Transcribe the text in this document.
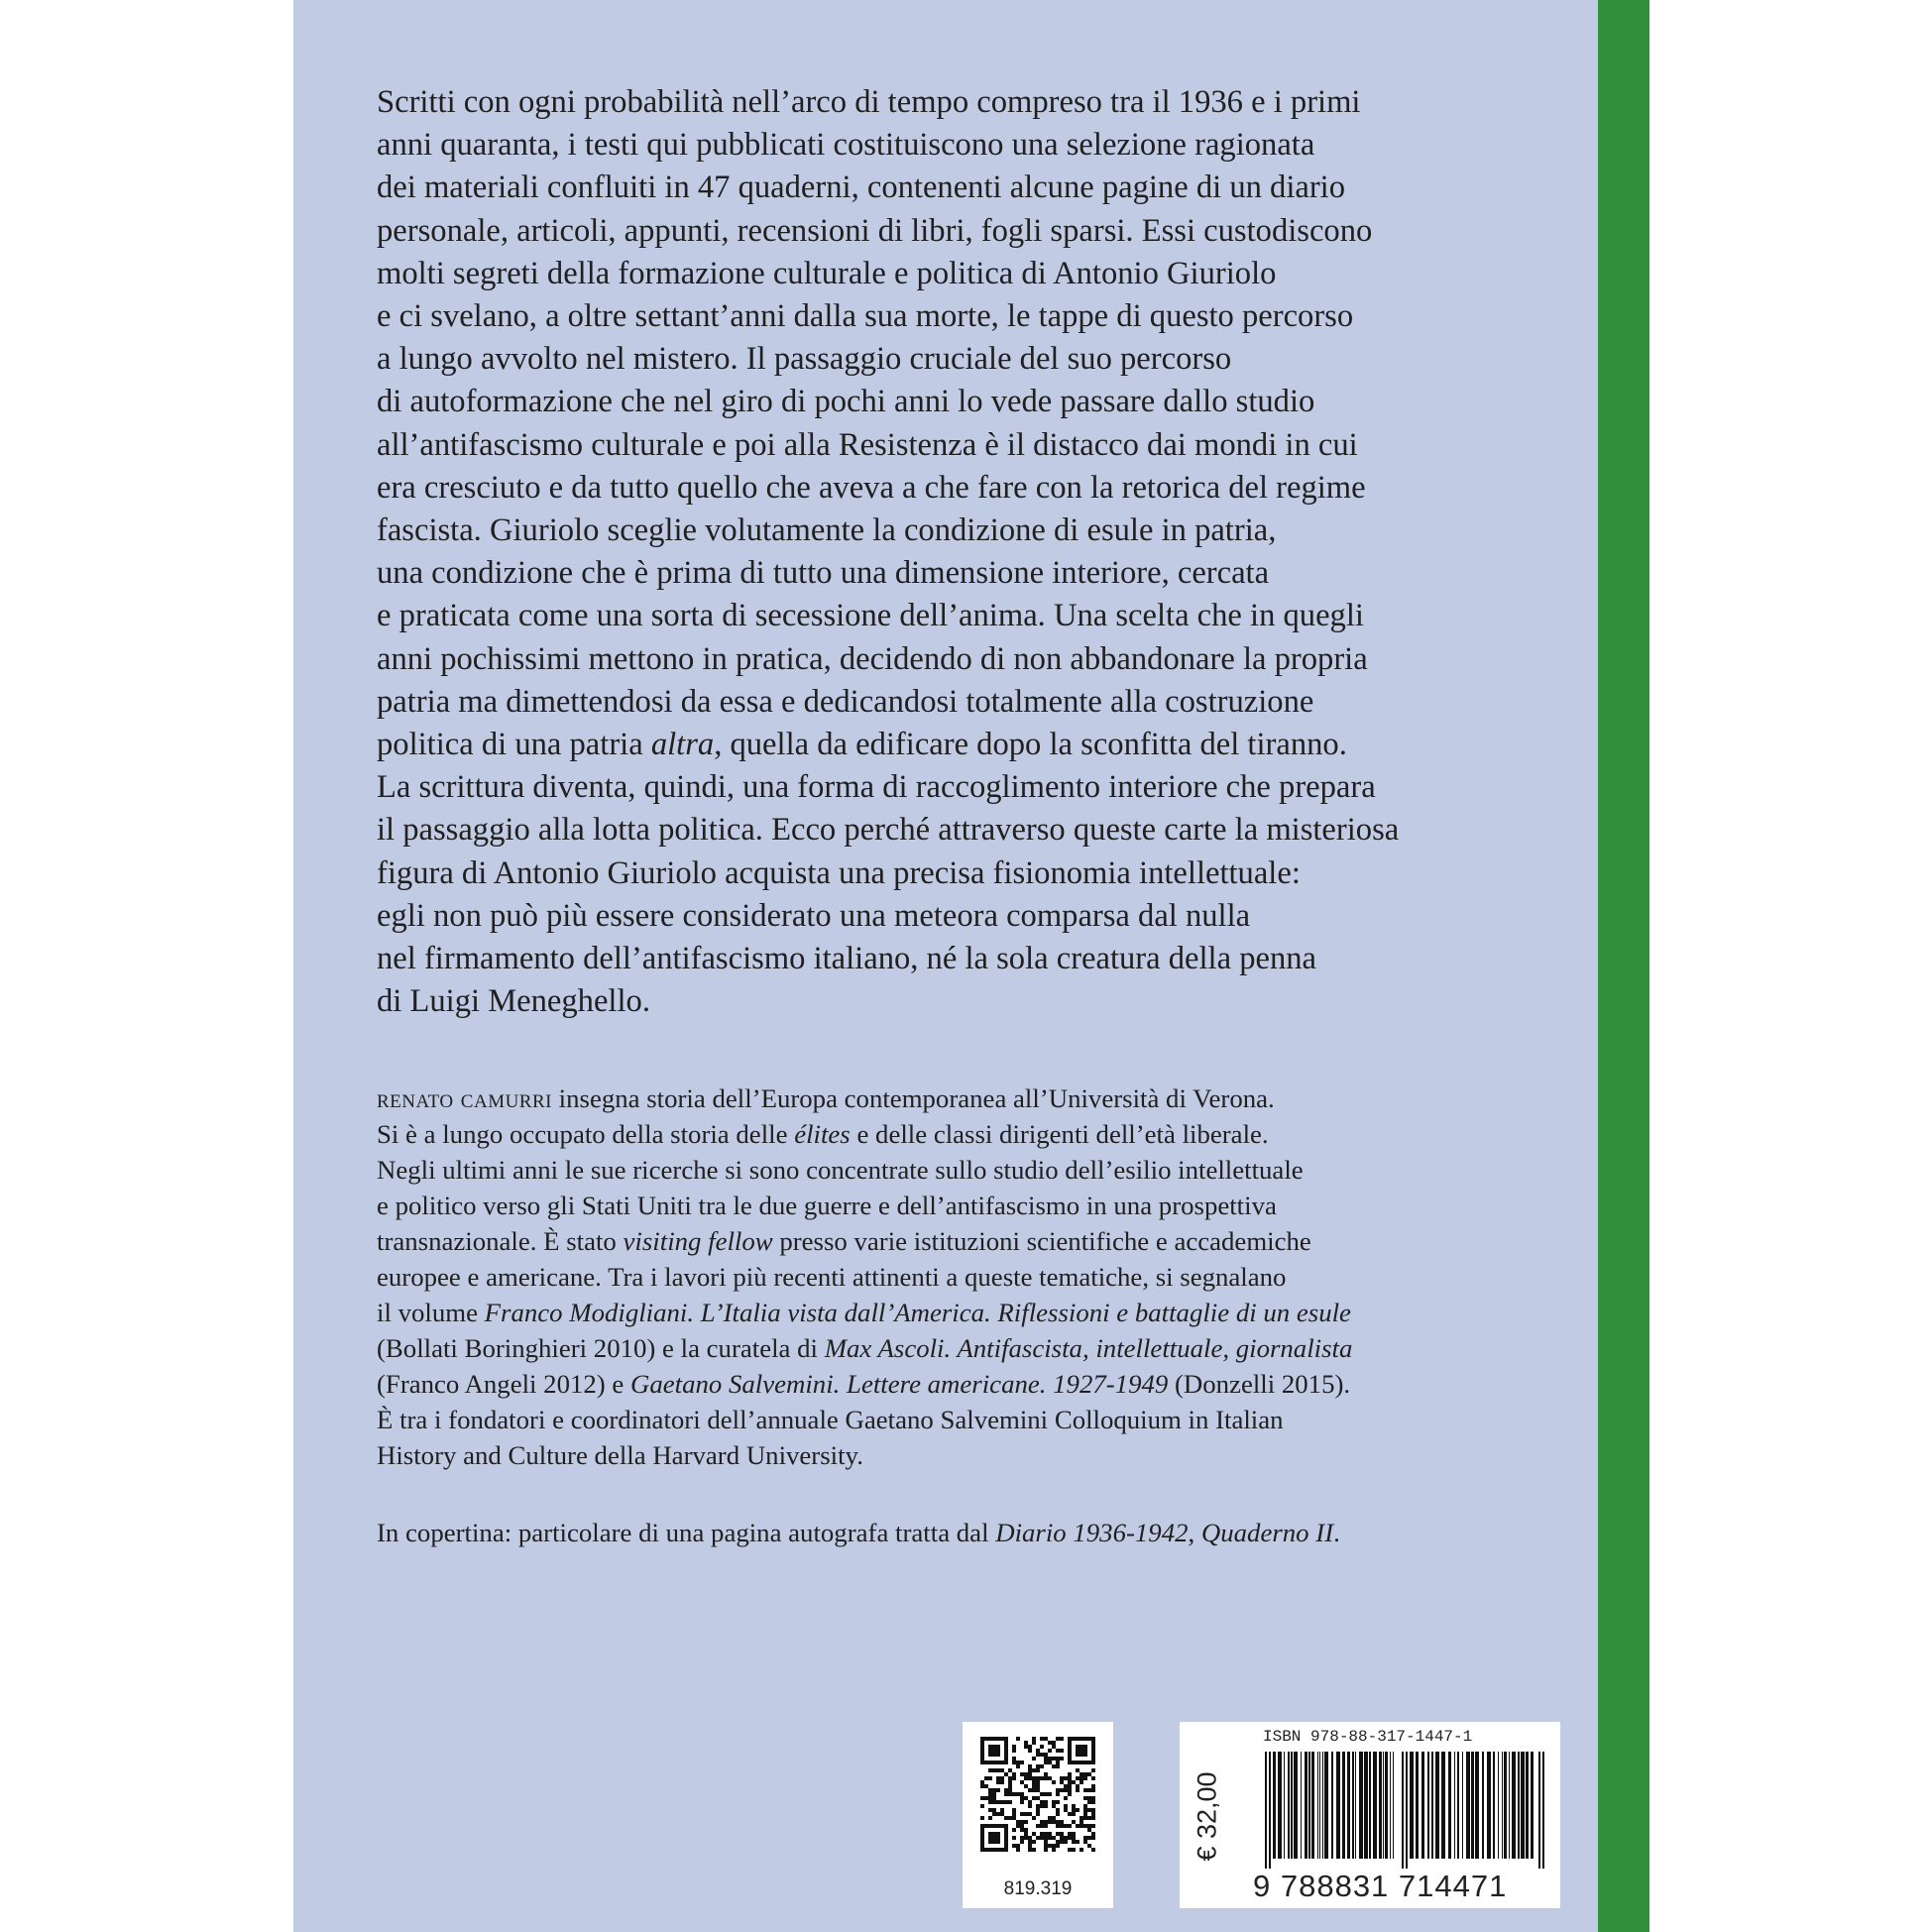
Scritti con ogni probabilità nell’arco di tempo compreso tra il 1936 e i primi
anni quaranta, i testi qui pubblicati costituiscono una selezione ragionata
dei materiali confluiti in 47 quaderni, contenenti alcune pagine di un diario
personale, articoli, appunti, recensioni di libri, fogli sparsi. Essi custodiscono
molti segreti della formazione culturale e politica di Antonio Giuriolo
e ci svelano, a oltre settant’anni dalla sua morte, le tappe di questo percorso
a lungo avvolto nel mistero. Il passaggio cruciale del suo percorso
di autoformazione che nel giro di pochi anni lo vede passare dallo studio
all’antifascismo culturale e poi alla Resistenza è il distacco dai mondi in cui
era cresciuto e da tutto quello che aveva a che fare con la retorica del regime
fascista. Giuriolo sceglie volutamente la condizione di esule in patria,
una condizione che è prima di tutto una dimensione interiore, cercata
e praticata come una sorta di secessione dell’anima. Una scelta che in quegli
anni pochissimi mettono in pratica, decidendo di non abbandonare la propria
patria ma dimettendosi da essa e dedicandosi totalmente alla costruzione
politica di una patria altra, quella da edificare dopo la sconfitta del tiranno.
La scrittura diventa, quindi, una forma di raccoglimento interiore che prepara
il passaggio alla lotta politica. Ecco perché attraverso queste carte la misteriosa
figura di Antonio Giuriolo acquista una precisa fisionomia intellettuale:
egli non può più essere considerato una meteora comparsa dal nulla
nel firmamento dell’antifascismo italiano, né la sola creatura della penna
di Luigi Meneghello.
renato camurri insegna storia dell’Europa contemporanea all’Università di Verona.
Si è a lungo occupato della storia delle élites e delle classi dirigenti dell’età liberale.
Negli ultimi anni le sue ricerche si sono concentrate sullo studio dell’esilio intellettuale
e politico verso gli Stati Uniti tra le due guerre e dell’antifascismo in una prospettiva
transnazionale. È stato visiting fellow presso varie istituzioni scientifiche e accademiche
europee e americane. Tra i lavori più recenti attinenti a queste tematiche, si segnalano
il volume Franco Modigliani. L’Italia vista dall’America. Riflessioni e battaglie di un esule
(Bollati Boringhieri 2010) e la curatela di Max Ascoli. Antifascista, intellettuale, giornalista
(Franco Angeli 2012) e Gaetano Salvemini. Lettere americane. 1927-1949 (Donzelli 2015).
È tra i fondatori e coordinatori dell’annuale Gaetano Salvemini Colloquium in Italian
History and Culture della Harvard University.
In copertina: particolare di una pagina autografa tratta dal Diario 1936-1942, Quaderno II.
819.319
€ 32,00
ISBN 978-88-317-1447-1
9 788831 714471
